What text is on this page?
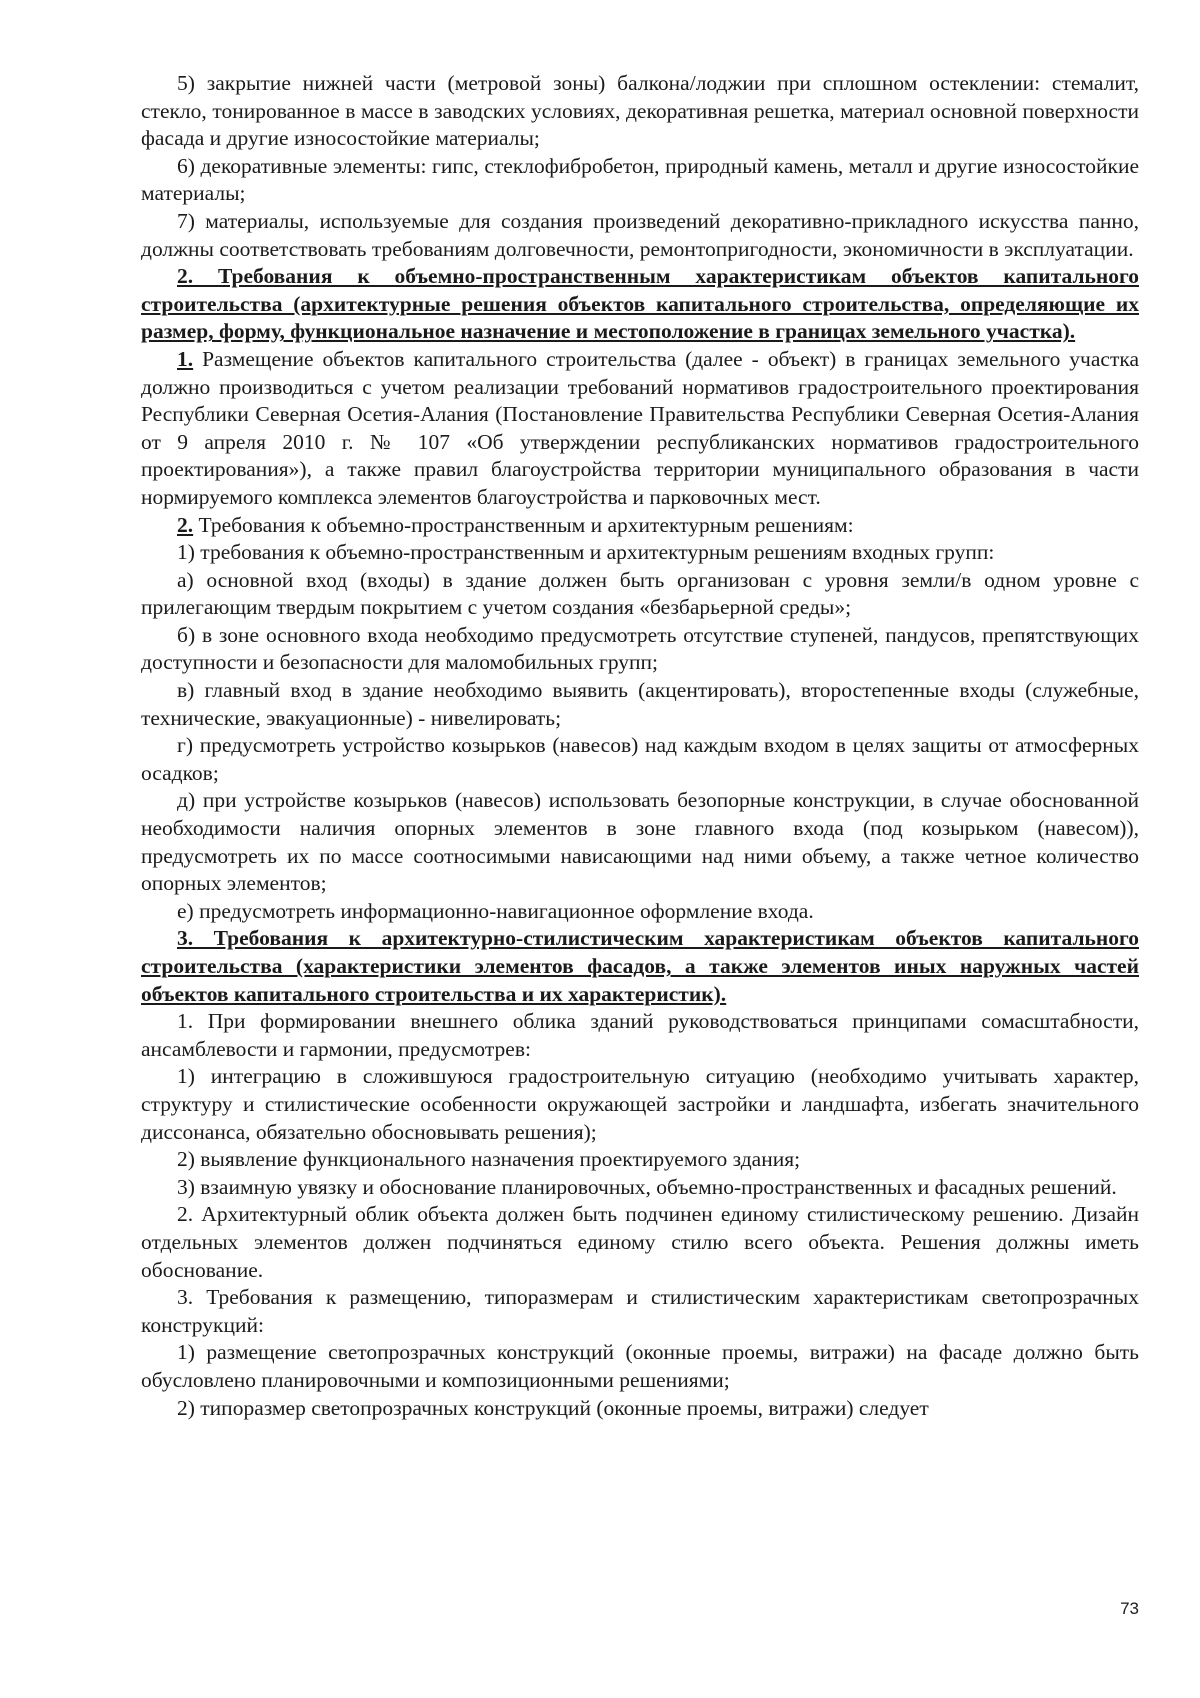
5) закрытие нижней части (метровой зоны) балкона/лоджии при сплошном остеклении: стемалит, стекло, тонированное в массе в заводских условиях, декоративная решетка, материал основной поверхности фасада и другие износостойкие материалы;

6) декоративные элементы: гипс, стеклофибробетон, природный камень, металл и другие износостойкие материалы;

7) материалы, используемые для создания произведений декоративно-прикладного искусства панно, должны соответствовать требованиям долговечности, ремонтопригодности, экономичности в эксплуатации.

2. Требования к объемно-пространственным характеристикам объектов капитального строительства (архитектурные решения объектов капитального строительства, определяющие их размер, форму, функциональное назначение и местоположение в границах земельного участка).

1. Размещение объектов капитального строительства (далее - объект) в границах земельного участка должно производиться с учетом реализации требований нормативов градостроительного проектирования Республики Северная Осетия-Алания (Постановление Правительства Республики Северная Осетия-Алания от 9 апреля 2010 г. № 107 «Об утверждении республиканских нормативов градостроительного проектирования»), а также правил благоустройства территории муниципального образования в части нормируемого комплекса элементов благоустройства и парковочных мест.

2. Требования к объемно-пространственным и архитектурным решениям:

1) требования к объемно-пространственным и архитектурным решениям входных групп:

а) основной вход (входы) в здание должен быть организован с уровня земли/в одном уровне с прилегающим твердым покрытием с учетом создания «безбарьерной среды»;

б) в зоне основного входа необходимо предусмотреть отсутствие ступеней, пандусов, препятствующих доступности и безопасности для маломобильных групп;

в) главный вход в здание необходимо выявить (акцентировать), второстепенные входы (служебные, технические, эвакуационные) - нивелировать;

г) предусмотреть устройство козырьков (навесов) над каждым входом в целях защиты от атмосферных осадков;

д) при устройстве козырьков (навесов) использовать безопорные конструкции, в случае обоснованной необходимости наличия опорных элементов в зоне главного входа (под козырьком (навесом)), предусмотреть их по массе соотносимыми нависающими над ними объему, а также четное количество опорных элементов;

е) предусмотреть информационно-навигационное оформление входа.

3. Требования к архитектурно-стилистическим характеристикам объектов капитального строительства (характеристики элементов фасадов, а также элементов иных наружных частей объектов капитального строительства и их характеристик).

1. При формировании внешнего облика зданий руководствоваться принципами сомасштабности, ансамблевости и гармонии, предусмотрев:

1) интеграцию в сложившуюся градостроительную ситуацию (необходимо учитывать характер, структуру и стилистические особенности окружающей застройки и ландшафта, избегать значительного диссонанса, обязательно обосновывать решения);

2) выявление функционального назначения проектируемого здания;

3) взаимную увязку и обоснование планировочных, объемно-пространственных и фасадных решений.

2. Архитектурный облик объекта должен быть подчинен единому стилистическому решению. Дизайн отдельных элементов должен подчиняться единому стилю всего объекта. Решения должны иметь обоснование.

3. Требования к размещению, типоразмерам и стилистическим характеристикам светопрозрачных конструкций:

1) размещение светопрозрачных конструкций (оконные проемы, витражи) на фасаде должно быть обусловлено планировочными и композиционными решениями;

2) типоразмер светопрозрачных конструкций (оконные проемы, витражи) следует

73
